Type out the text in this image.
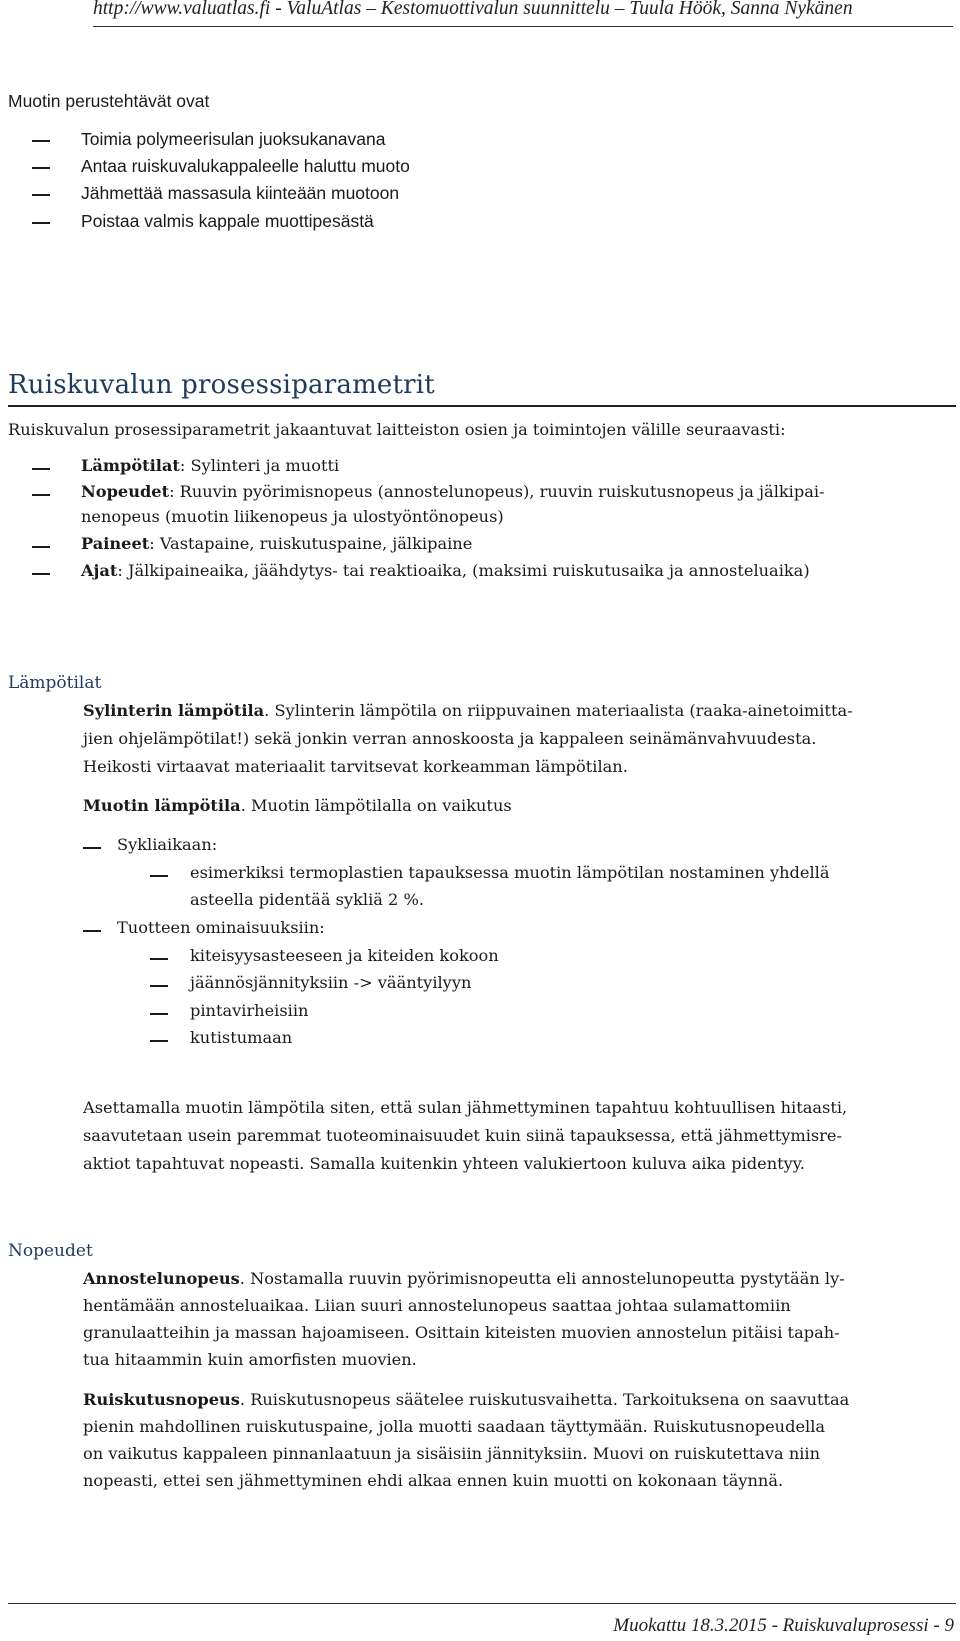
http://www.valuatlas.fi - ValuAtlas – Kestomuottivalun suunnittelu – Tuula Höök, Sanna Nykänen
Muotin perustehtävät ovat
Toimia polymeerisulan juoksukanavana
Antaa ruiskuvalukappaleelle haluttu muoto
Jähmettää massasula kiinteään muotoon
Poistaa valmis kappale muottipesästä
Ruiskuvalun prosessiparametrit
Ruiskuvalun prosessiparametrit jakaantuvat laitteiston osien ja toimintojen välille seuraavasti:
Lämpötilat: Sylinteri ja muotti
Nopeudet: Ruuvin pyörimisnopeus (annostelunopeus), ruuvin ruiskutusnopeus ja jälkipai-
nenopeus (muotin liikenopeus ja ulostyöntönopeus)
Paineet: Vastapaine, ruiskutuspaine, jälkipaine
Ajat: Jälkipaineaika, jäähdytys- tai reaktioaika, (maksimi ruiskutusaika ja annosteluaika)
Lämpötilat
Sylinterin lämpötila. Sylinterin lämpötila on riippuvainen materiaalista (raaka-ainetoimitta-
jien ohjelämpötilat!) sekä jonkin verran annoskoosta ja kappaleen seinämänvahvuudesta.
Heikosti virtaavat materiaalit tarvitsevat korkeamman lämpötilan.
Muotin lämpötila. Muotin lämpötilalla on vaikutus
Sykliaikaan:
esimerkiksi termoplastien tapauksessa muotin lämpötilan nostaminen yhdellä
asteella pidentää sykliä 2 %.
Tuotteen ominaisuuksiin:
kiteisyysasteeseen ja kiteiden kokoon
jäännösjännityksiin -> vääntyilyyn
pintavirheisiin
kutistumaan
Asettamalla muotin lämpötila siten, että sulan jähmettyminen tapahtuu kohtuullisen hitaasti,
saavutetaan usein paremmat tuoteominaisuudet kuin siinä tapauksessa, että jähmettymisre-
aktiot tapahtuvat nopeasti. Samalla kuitenkin yhteen valukiertoon kuluva aika pidentyy.
Nopeudet
Annostelunopeus. Nostamalla ruuvin pyörimisnopeutta eli annostelunopeutta pystytään ly-
hentämään annosteluaikaa. Liian suuri annostelunopeus saattaa johtaa sulamattomiin
granulaatteihin ja massan hajoamiseen. Osittain kiteisten muovien annostelun pitäisi tapah-
tua hitaammin kuin amorfisten muovien.
Ruiskutusnopeus. Ruiskutusnopeus säätelee ruiskutusvaihetta. Tarkoituksena on saavuttaa
pienin mahdollinen ruiskutuspaine, jolla muotti saadaan täyttymään. Ruiskutusnopeudella
on vaikutus kappaleen pinnanlaatuun ja sisäisiin jännityksiin. Muovi on ruiskutettava niin
nopeasti, ettei sen jähmettyminen ehdi alkaa ennen kuin muotti on kokonaan täynnä.
Muokattu 18.3.2015 - Ruiskuvaluprosessi - 9
